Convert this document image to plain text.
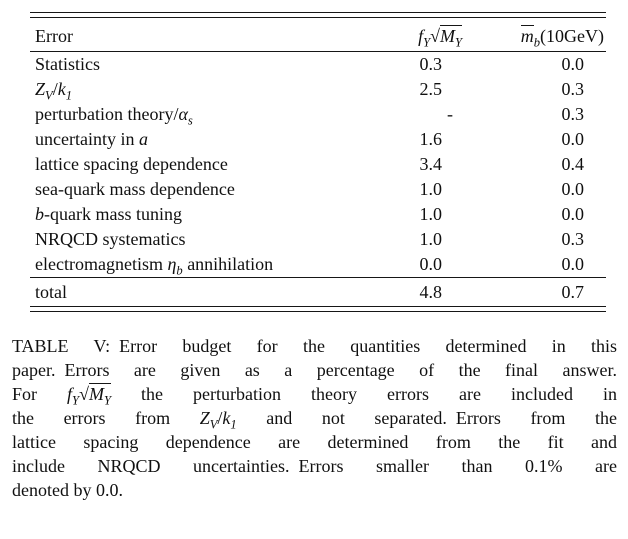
Error	$f_\Upsilon√M_\Upsilon$	$m_b(10GeV)$
Statistics	0.3	0.0
$Z_V/k_1$	2.5	0.3
perturbation theory/$\alpha_s$	-	0.3
uncertainty in a	1.6	0.0
lattice spacing dependence	3.4	0.4
sea-quark mass dependence	1.0	0.0
b-quark mass tuning	1.0	0.0
NRQCD systematics	1.0	0.3
electromagnetism $\eta_b$ annihilation	0.0	0.0
total	4.8	0.7
TABLE V: Error budget for the quantities determined in this
paper. Errors are given as a percentage of the final answer.
For $f_\Upsilon√M_\Upsilon$ the perturbation theory errors are included in
the errors from $Z_V/k_1$ and not separated. Errors from the
lattice spacing dependence are determined from the fit and
include NRQCD uncertainties. Errors smaller than 0.1% are
denoted by 0.0.
